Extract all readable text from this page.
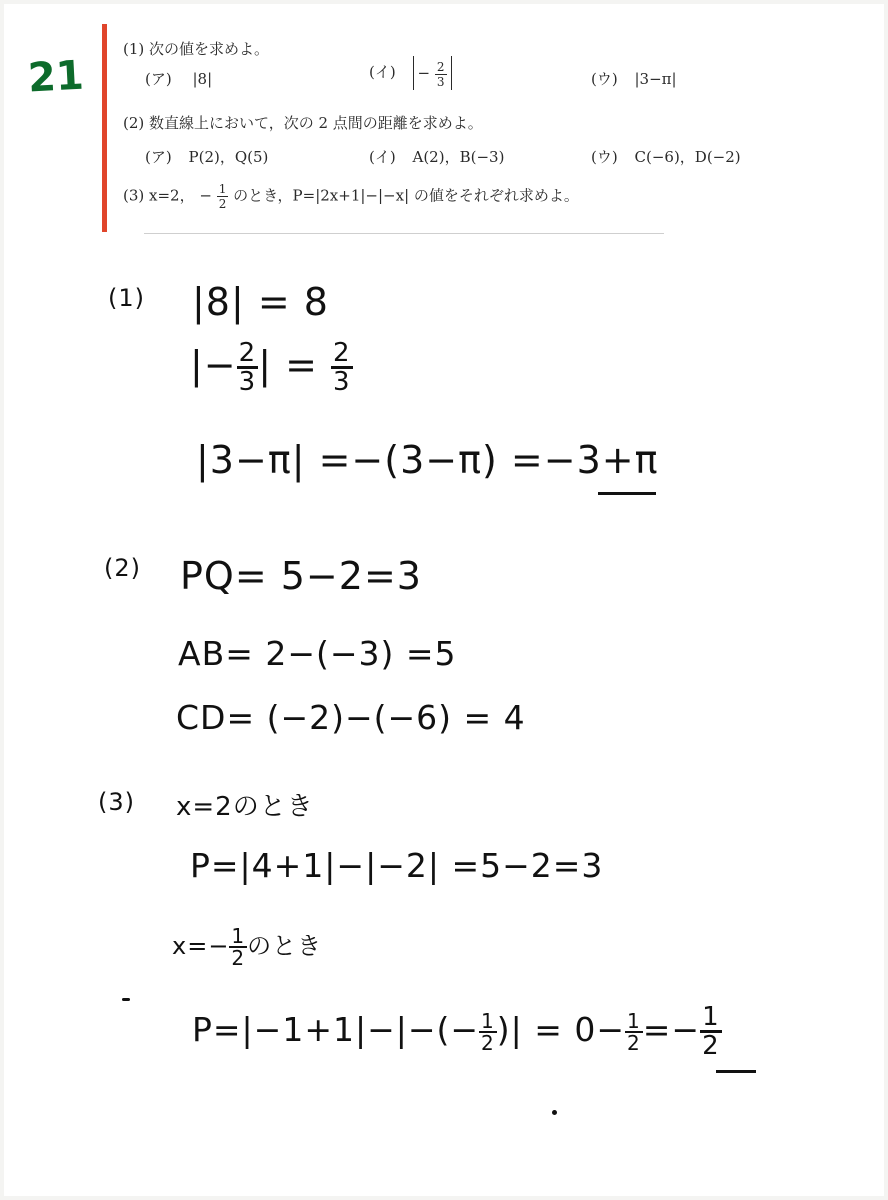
21
(1) 次の値を求めよ。
(ア) |8|	(イ) − $\frac{2}{3}$	(ウ) |3−π|
(2) 数直線上において，次の 2 点間の距離を求めよ。
(ア) P(2)，Q(5)	(イ) A(2)，B(−3)	(ウ) C(−6)，D(−2)
(3) x=2， − $\frac{1}{2}$ のとき，P=|2x+1|−|−x| の値をそれぞれ求めよ。
(1) |8| = 8
|− $\frac{2}{3}$ | = $\frac{2}{3}$
|3−π| =−(3−π) =−3+π
(2) PQ= 5−2=3
AB= 2−(−3) =5
CD= (−2)−(−6) = 4
(3) x=2のとき
P=|4+1|−|−2| =5−2=3
$x=- \frac{1}{2}$ のとき
$P=|-1+1|-|-(- \frac{1}{2}$ )| = $0- \frac{1}{2} =- \frac{1}{2}$
